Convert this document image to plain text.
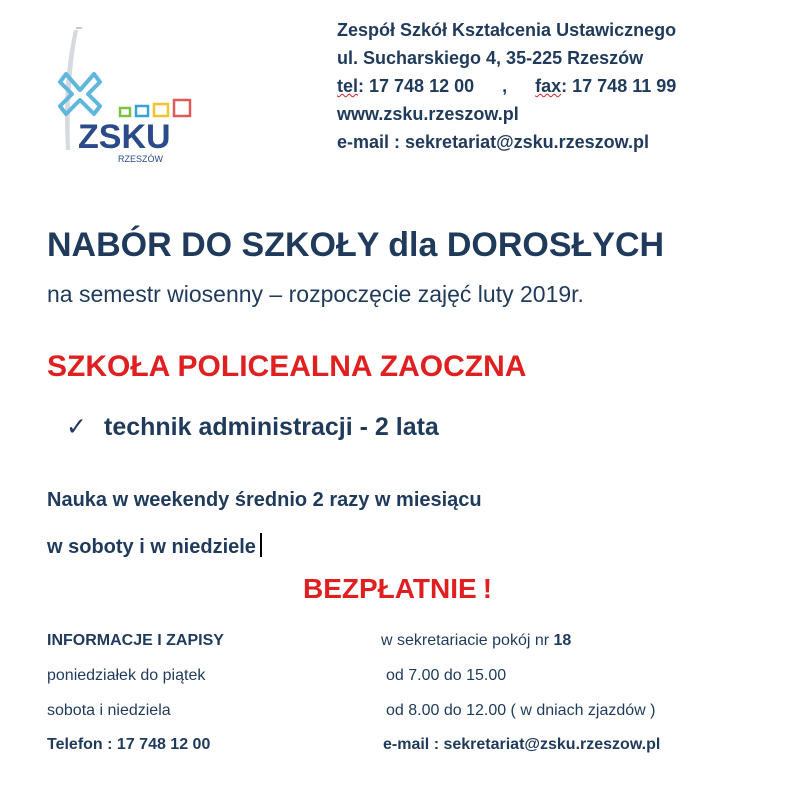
ZSKU
RZESZÓW
Zespół Szkół Kształcenia Ustawicznego
ul. Sucharskiego 4, 35-225 Rzeszów
tel: 17 748 12 00 , fax: 17 748 11 99
www.zsku.rzeszow.pl
e-mail : sekretariat@zsku.rzeszow.pl
NABÓR DO SZKOŁY dla DOROSŁYCH
na semestr wiosenny – rozpoczęcie zajęć luty 2019r.
SZKOŁA POLICEALNA ZAOCZNA
✓ technik administracji - 2 lata
Nauka w weekendy średnio 2 razy w miesiącu
w soboty i w niedziele
BEZPŁATNIE !
INFORMACJE I ZAPISY	w sekretariacie pokój nr 18
poniedziałek do piątek	od 7.00 do 15.00
sobota i niedziela	od 8.00 do 12.00 ( w dniach zjazdów )
Telefon : 17 748 12 00	e-mail : sekretariat@zsku.rzeszow.pl
